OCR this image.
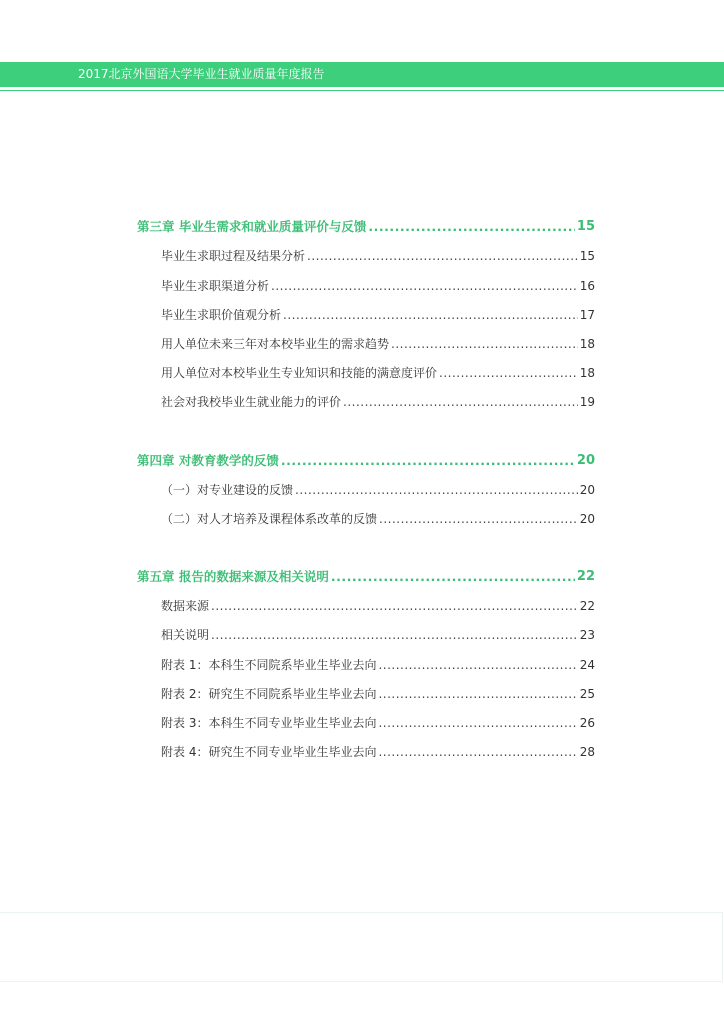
2017北京外国语大学毕业生就业质量年度报告
第三章 毕业生需求和就业质量评价与反馈 .....	15
毕业生求职过程及结果分析 .....	15
毕业生求职渠道分析 .....	16
毕业生求职价值观分析 .....	17
用人单位未来三年对本校毕业生的需求趋势 .....	18
用人单位对本校毕业生专业知识和技能的满意度评价 .....	18
社会对我校毕业生就业能力的评价 .....	19
第四章 对教育教学的反馈 .....	20
（一）对专业建设的反馈 .....	20
（二）对人才培养及课程体系改革的反馈 .....	20
第五章 报告的数据来源及相关说明 .....	22
数据来源 .....	22
相关说明 .....	23
附表 1：本科生不同院系毕业生毕业去向 .....	24
附表 2：研究生不同院系毕业生毕业去向 .....	25
附表 3：本科生不同专业毕业生毕业去向 .....	26
附表 4：研究生不同专业毕业生毕业去向 .....	28
